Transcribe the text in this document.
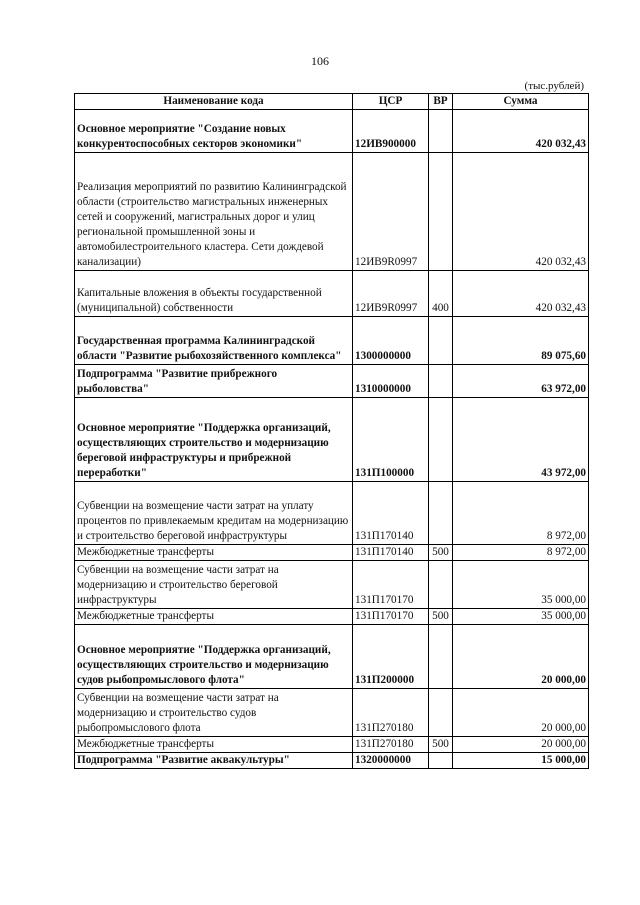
106
(тыс.рублей)
Наименование кода	ЦСР	ВР	Сумма
Основное мероприятие "Создание новых конкурентоспособных секторов экономики"	12ИВ900000		420 032,43
Реализация мероприятий по развитию Калининградской области (строительство магистральных инженерных сетей и сооружений, магистральных дорог и улиц региональной промышленной зоны и автомобилестроительного кластера. Сети дождевой канализации)	12ИВ9R0997		420 032,43
Капитальные вложения в объекты государственной (муниципальной) собственности	12ИВ9R0997	400	420 032,43
Государственная программа Калининградской области "Развитие рыбохозяйственного комплекса"	1300000000		89 075,60
Подпрограмма "Развитие прибрежного рыболовства"	1310000000		63 972,00
Основное мероприятие "Поддержка организаций, осуществляющих строительство и модернизацию береговой инфраструктуры и прибрежной переработки"	131П100000		43 972,00
Субвенции на возмещение части затрат на уплату процентов по привлекаемым кредитам на модернизацию и строительство береговой инфраструктуры	131П170140		8 972,00
Межбюджетные трансферты	131П170140	500	8 972,00
Субвенции на возмещение части затрат на модернизацию и строительство береговой инфраструктуры	131П170170		35 000,00
Межбюджетные трансферты	131П170170	500	35 000,00
Основное мероприятие "Поддержка организаций, осуществляющих строительство и модернизацию судов рыбопромыслового флота"	131П200000		20 000,00
Субвенции на возмещение части затрат на модернизацию и строительство судов рыбопромыслового флота	131П270180		20 000,00
Межбюджетные трансферты	131П270180	500	20 000,00
Подпрограмма "Развитие аквакультуры"	1320000000		15 000,00
